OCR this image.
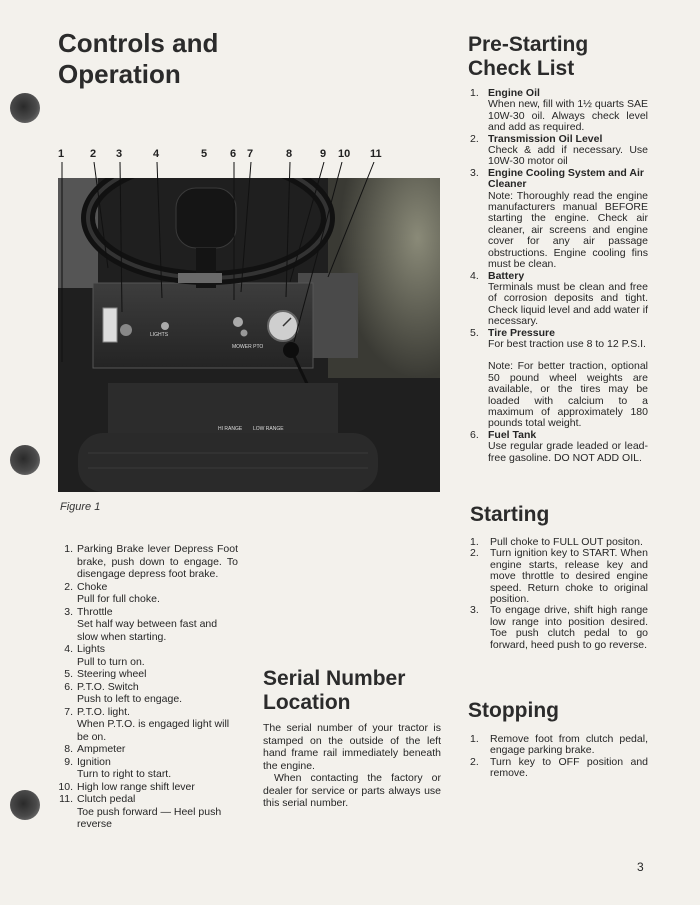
Controls and
Operation
1 2 3	4	5 6 7	8	9 10 11
LIGHTS
MOWER PTO
HI RANGE LOW RANGE
Figure 1
1. Parking Brake lever Depress Foot brake, push down to engage. To disengage depress foot brake.
2. Choke
Pull for full choke.
3. Throttle
Set half way between fast and slow when starting.
4. Lights
Pull to turn on.
5. Steering wheel
6. P.T.O. Switch
Push to left to engage.
7. P.T.O. light.
When P.T.O. is engaged light will be on.
8. Ampmeter
9. Ignition
Turn to right to start.
10. High low range shift lever
11. Clutch pedal
Toe push forward — Heel push reverse
Serial Number
Location

The serial number of your tractor is stamped on the outside of the left hand frame rail immediately beneath the engine.

When contacting the factory or dealer for service or parts always use this serial number.

Pre-Starting
Check List
1. Engine Oil
When new, fill with 1½ quarts SAE 10W-30 oil. Always check level and add as required.
2. Transmission Oil Level
Check & add if necessary. Use 10W-30 motor oil
3. Engine Cooling System and Air Cleaner
Note: Thoroughly read the engine manufacturers manual BEFORE starting the engine. Check air cleaner, air screens and engine cover for any air passage obstructions. Engine cooling fins must be clean.
4. Battery
Terminals must be clean and free of corrosion deposits and tight. Check liquid level and add water if necessary.
5. Tire Pressure
For best traction use 8 to 12 P.S.I.
Note: For better traction, optional 50 pound wheel weights are available, or the tires may be loaded with calcium to a maximum of approximately 180 pounds total weight.
6. Fuel Tank
Use regular grade leaded or lead-free gasoline. DO NOT ADD OIL.
Starting
1. Pull choke to FULL OUT positon.
2. Turn ignition key to START. When engine starts, release key and move throttle to desired engine speed. Return choke to original position.
3. To engage drive, shift high range low range into position desired. Toe push clutch pedal to go forward, heed push to go reverse.
Stopping
1. Remove foot from clutch pedal, engage parking brake.
2. Turn key to OFF position and remove.
3
